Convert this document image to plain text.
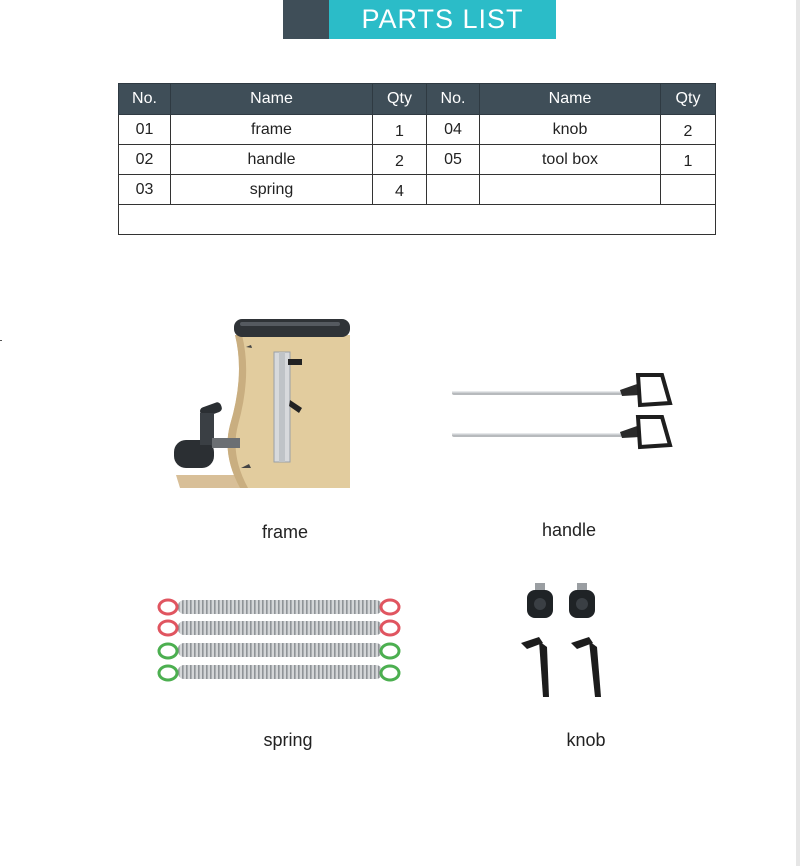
PARTS LIST
No.	Name	Qty	No.	Name	Qty
01	frame	1	04	knob	2
02	handle	2	05	tool box	1
03	spring	4			

frame	handle
spring	knob
